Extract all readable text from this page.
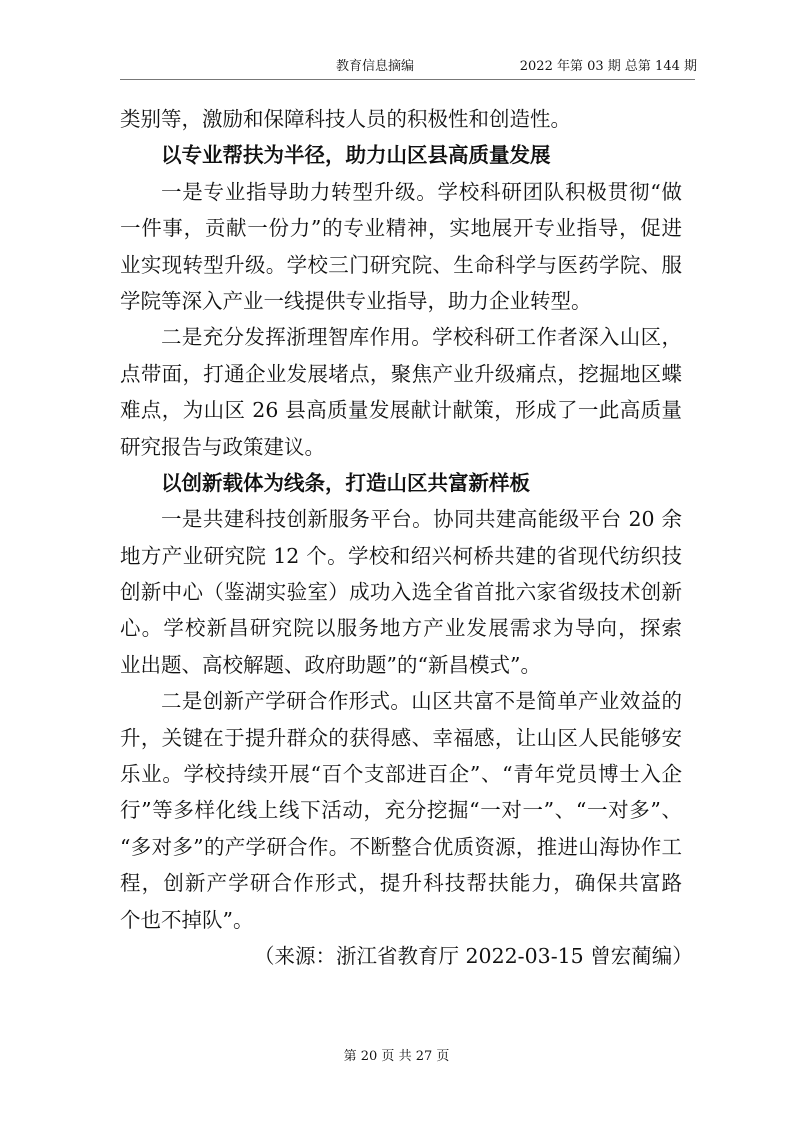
教育信息摘编	2022 年第 03 期 总第 144 期
类别等，激励和保障科技人员的积极性和创造性。
以专业帮扶为半径，助力山区县高质量发展
一是专业指导助力转型升级。学校科研团队积极贯彻“做
一件事，贡献一份力”的专业精神，实地展开专业指导，促进
业实现转型升级。学校三门研究院、生命科学与医药学院、服
学院等深入产业一线提供专业指导，助力企业转型。
二是充分发挥浙理智库作用。学校科研工作者深入山区，
点带面，打通企业发展堵点，聚焦产业升级痛点，挖掘地区蝶
难点，为山区 26 县高质量发展献计献策，形成了一此高质量
研究报告与政策建议。
以创新载体为线条，打造山区共富新样板
一是共建科技创新服务平台。协同共建高能级平台 20 余
地方产业研究院 12 个。学校和绍兴柯桥共建的省现代纺织技
创新中心（鉴湖实验室）成功入选全省首批六家省级技术创新
心。学校新昌研究院以服务地方产业发展需求为导向，探索
业出题、高校解题、政府助题”的“新昌模式”。
二是创新产学研合作形式。山区共富不是简单产业效益的
升，关键在于提升群众的获得感、幸福感，让山区人民能够安
乐业。学校持续开展“百个支部进百企”、“青年党员博士入企
行”等多样化线上线下活动，充分挖掘“一对一”、“一对多”、
“多对多”的产学研合作。不断整合优质资源，推进山海协作工
程，创新产学研合作形式，提升科技帮扶能力，确保共富路
个也不掉队”。
（来源：浙江省教育厅 2022-03-15 曾宏蔺编）
第 20 页 共 27 页
